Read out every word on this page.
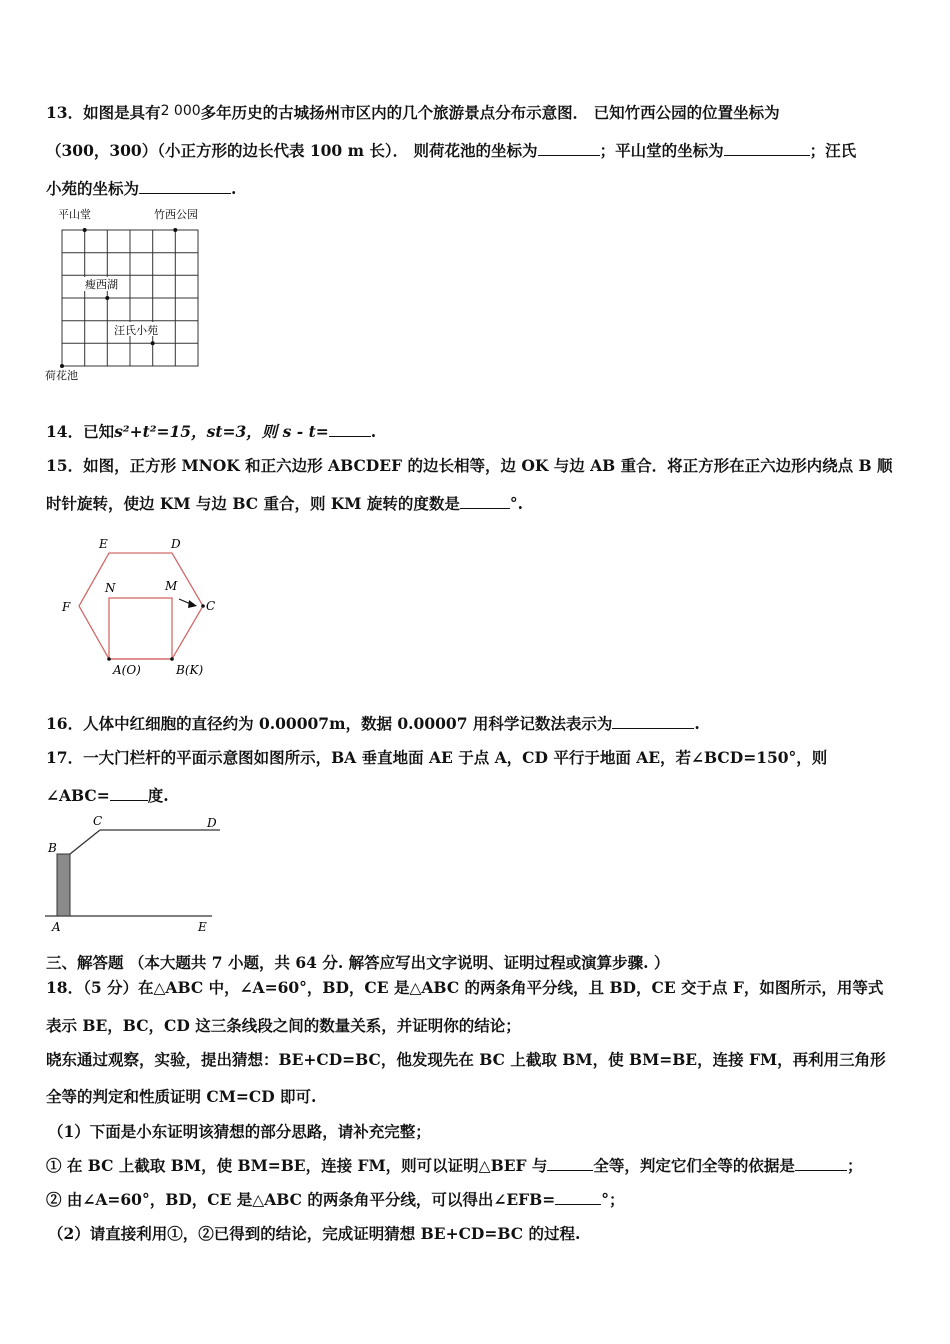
13．如图是具有2 000多年历史的古城扬州市区内的几个旅游景点分布示意图． 已知竹西公园的位置坐标为
（300，300）（小正方形的边长代表 100 m 长）． 则荷花池的坐标为	；平山堂的坐标为	；汪氏
小苑的坐标为	.
平山堂	竹西公园
瘦西湖
汪氏小苑
荷花池
14．已知s²+t²=15，st=3，则 s - t=	.
15．如图，正方形 MNOK 和正六边形 ABCDEF 的边长相等，边 OK 与边 AB 重合．将正方形在正六边形内绕点 B 顺
时针旋转，使边 KM 与边 BC 重合，则 KM 旋转的度数是	°.
E	D
F	C
N	M
A(O)	B(K)
16．人体中红细胞的直径约为 0.00007m，数据 0.00007 用科学记数法表示为	.
17．一大门栏杆的平面示意图如图所示，BA 垂直地面 AE 于点 A，CD 平行于地面 AE，若∠BCD=150°，则
∠ABC= 度.
B
C	D
A	E
三、解答题 （本大题共 7 小题，共 64 分. 解答应写出文字说明、证明过程或演算步骤. ）
18．（5 分）在△ABC 中，∠A=60°，BD，CE 是△ABC 的两条角平分线，且 BD，CE 交于点 F，如图所示，用等式
表示 BE，BC，CD 这三条线段之间的数量关系，并证明你的结论；
晓东通过观察，实验，提出猜想：BE+CD=BC，他发现先在 BC 上截取 BM，使 BM=BE，连接 FM，再利用三角形
全等的判定和性质证明 CM=CD 即可.
（1）下面是小东证明该猜想的部分思路，请补充完整；
① 在 BC 上截取 BM，使 BM=BE，连接 FM，则可以证明△BEF 与	全等，判定它们全等的依据是	；
② 由∠A=60°，BD，CE 是△ABC 的两条角平分线，可以得出∠EFB=	°；
（2）请直接利用①，②已得到的结论，完成证明猜想 BE+CD=BC 的过程.
